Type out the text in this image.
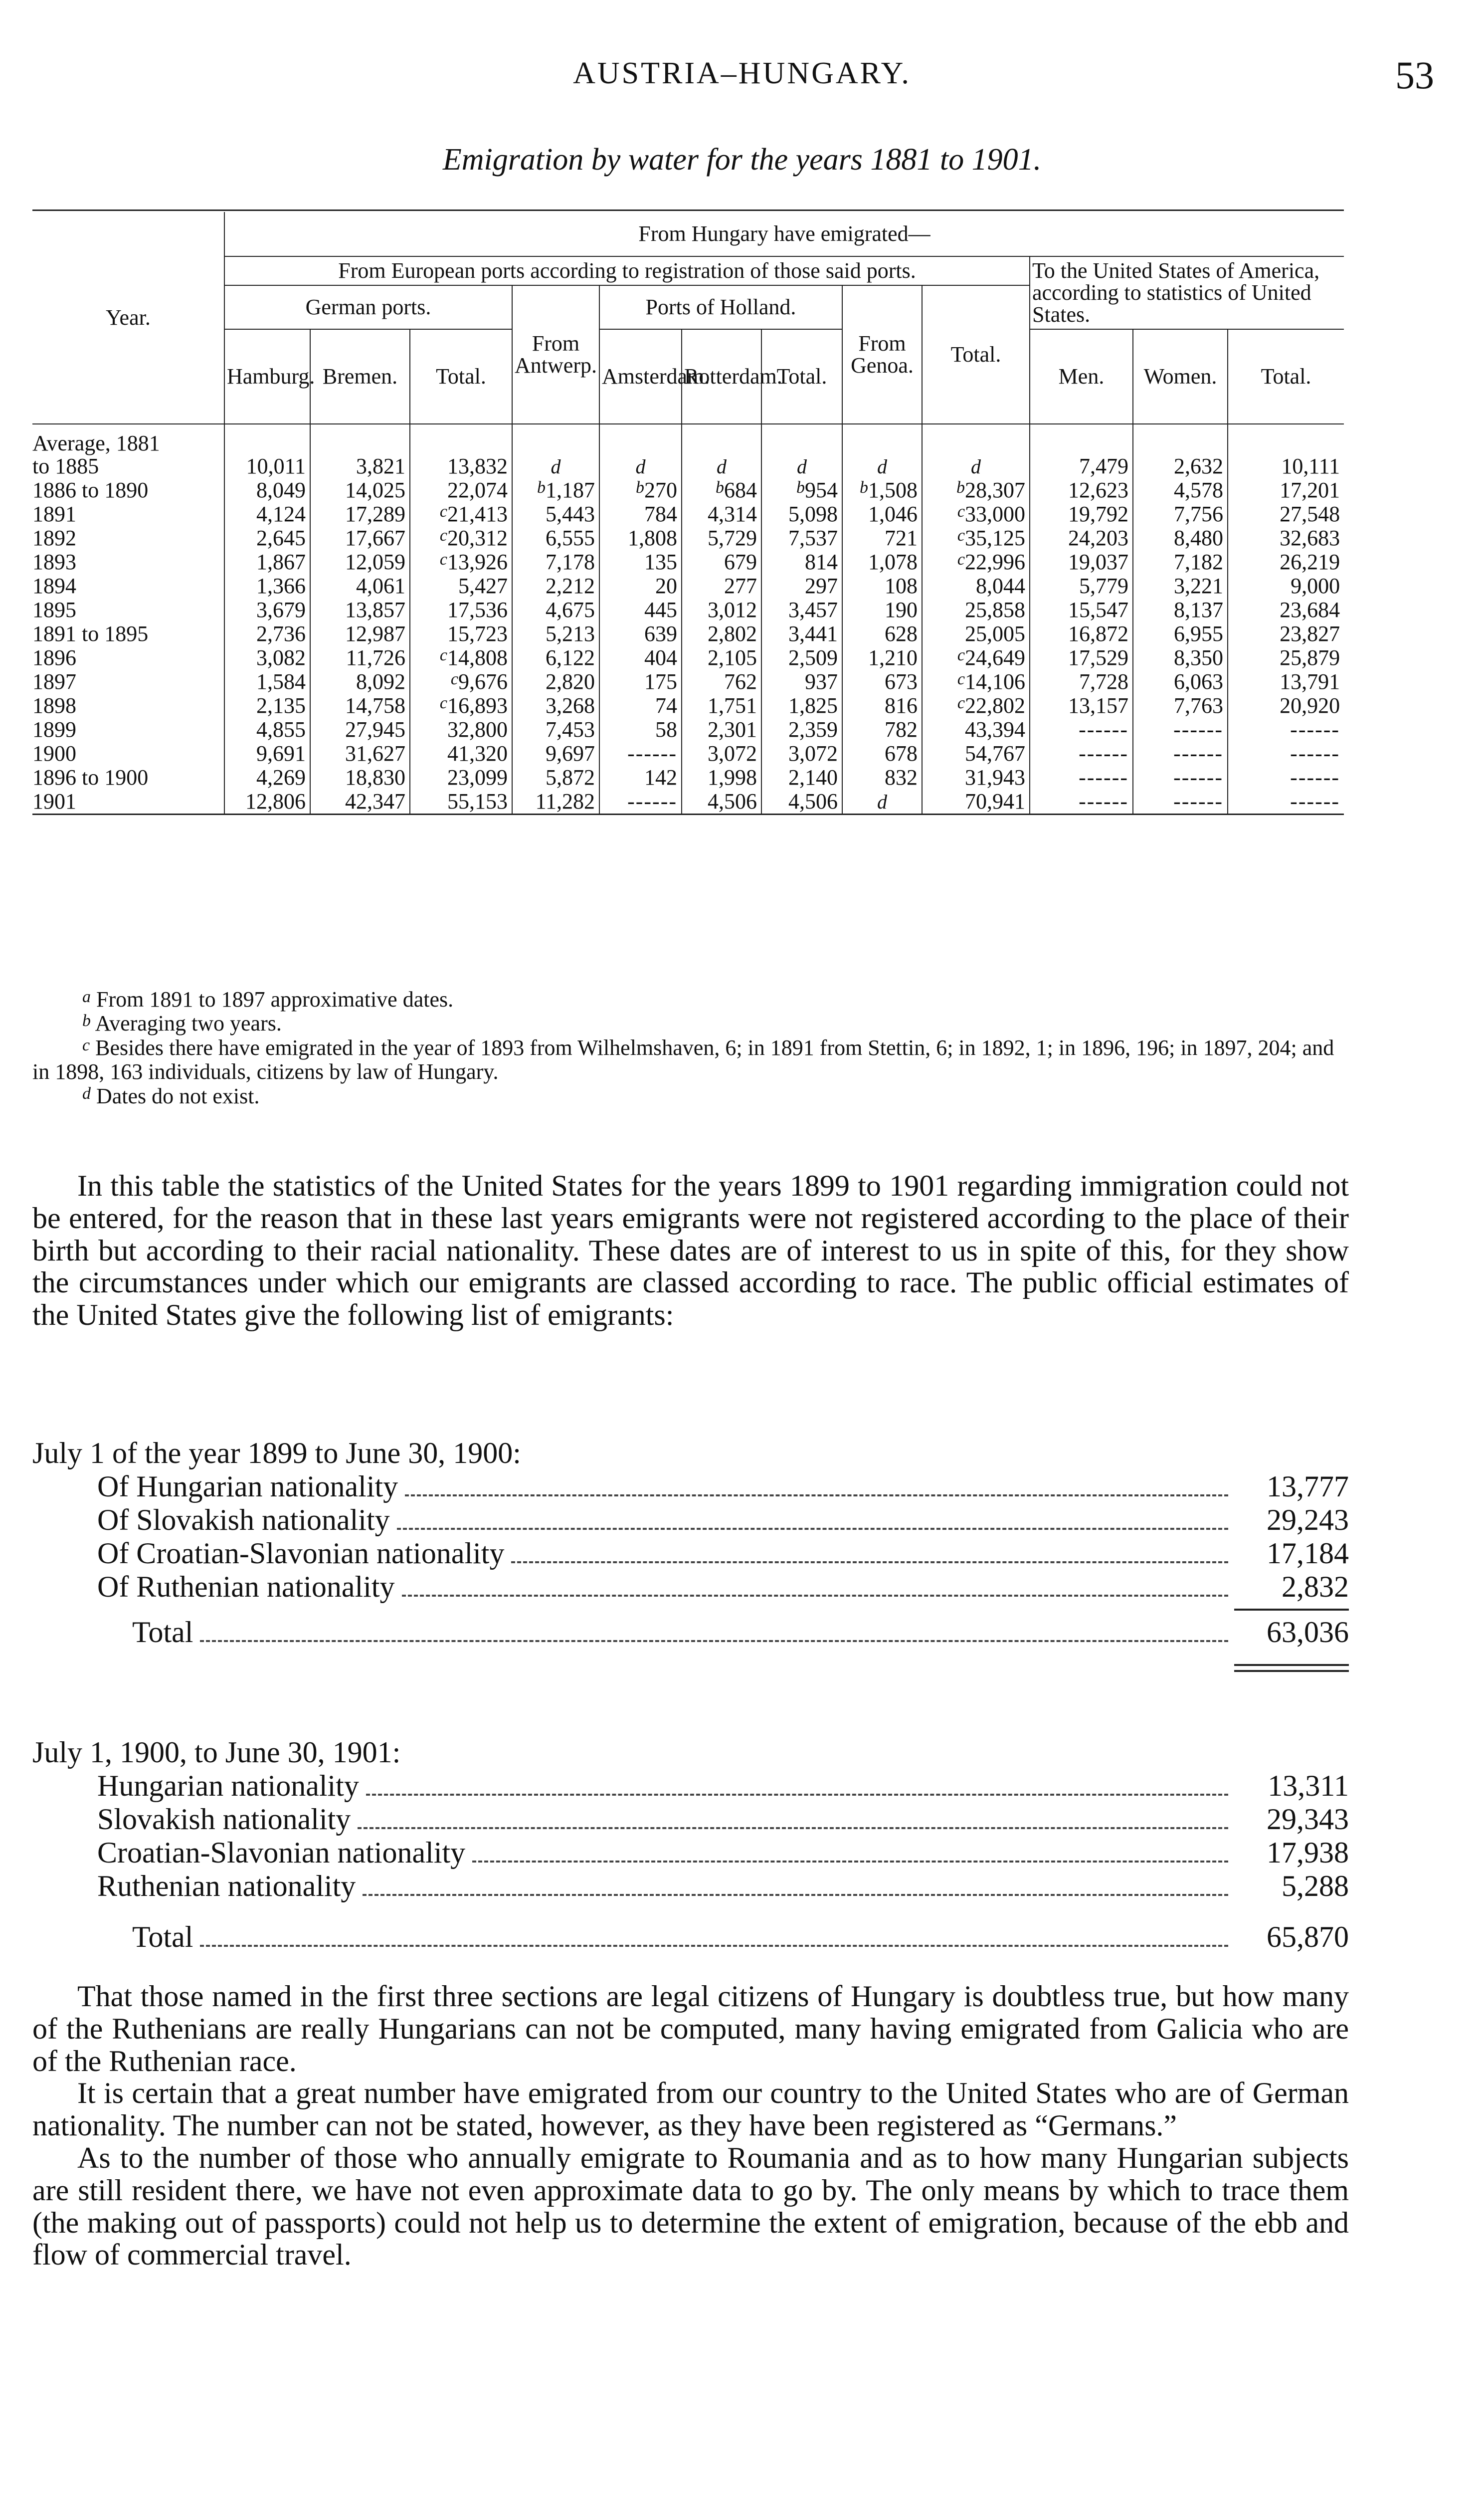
AUSTRIA–HUNGARY.	53
Emigration by water for the years 1881 to 1901.
Year.	From Hungary have emigrated—											
	From European ports according to registration of those said ports.									To the United States of America, according to statistics of United States.		
	German ports.			From Antwerp.	Ports of Holland.			From Genoa.	Total.			
	Hamburg.	Bremen.	Total.		Amsterdam.	Rotterdam.	Total.			Men.	Women.	Total.
Average, 1881												
to 1885	10,011	3,821	13,832	d	d	d	d	d	d	7,479	2,632	10,111
1886 to 1890	8,049	14,025	22,074	$^b$1,187	$^b$270	$^b$684	$^b$954	$^b$1,508	$^b$28,307	12,623	4,578	17,201
1891	4,124	17,289	$^c$21,413	5,443	784	4,314	5,098	1,046	$^c$33,000	19,792	7,756	27,548
1892	2,645	17,667	$^c$20,312	6,555	1,808	5,729	7,537	721	$^c$35,125	24,203	8,480	32,683
1893	1,867	12,059	$^c$13,926	7,178	135	679	814	1,078	$^c$22,996	19,037	7,182	26,219
1894	1,366	4,061	5,427	2,212	20	277	297	108	8,044	5,779	3,221	9,000
1895	3,679	13,857	17,536	4,675	445	3,012	3,457	190	25,858	15,547	8,137	23,684
1891 to 1895	2,736	12,987	15,723	5,213	639	2,802	3,441	628	25,005	16,872	6,955	23,827
1896	3,082	11,726	$^c$14,808	6,122	404	2,105	2,509	1,210	$^c$24,649	17,529	8,350	25,879
1897	1,584	8,092	$^c$9,676	2,820	175	762	937	673	$^c$14,106	7,728	6,063	13,791
1898	2,135	14,758	$^c$16,893	3,268	74	1,751	1,825	816	$^c$22,802	13,157	7,763	20,920
1899	4,855	27,945	32,800	7,453	58	2,301	2,359	782	43,394	------	------	------
1900	9,691	31,627	41,320	9,697	------	3,072	3,072	678	54,767	------	------	------
1896 to 1900	4,269	18,830	23,099	5,872	142	1,998	2,140	832	31,943	------	------	------
1901	12,806	42,347	55,153	11,282	------	4,506	4,506	d	70,941	------	------	------

$^a$ From 1891 to 1897 approximative dates.

$^b$ Averaging two years.

$^c$ Besides there have emigrated in the year of 1893 from Wilhelmshaven, 6; in 1891 from Stettin, 6; in 1892, 1; in 1896, 196; in 1897, 204; and in 1898, 163 individuals, citizens by law of Hungary.

$^d$ Dates do not exist.

In this table the statistics of the United States for the years 1899 to 1901 regarding immigration could not be entered, for the reason that in these last years emigrants were not registered according to the place of their birth but according to their racial nationality. These dates are of interest to us in spite of this, for they show the circumstances under which our emigrants are classed according to race. The public official estimates of the United States give the following list of emigrants:

July 1 of the year 1899 to June 30, 1900:

Of Hungarian nationality	13,777
Of Slovakish nationality	29,243
Of Croatian-Slavonian nationality	17,184
Of Ruthenian nationality	2,832
Total	63,036

July 1, 1900, to June 30, 1901:

Hungarian nationality	13,311
Slovakish nationality	29,343
Croatian-Slavonian nationality	17,938
Ruthenian nationality	5,288
Total	65,870

That those named in the first three sections are legal citizens of Hungary is doubtless true, but how many of the Ruthenians are really Hungarians can not be computed, many having emigrated from Galicia who are of the Ruthenian race.

It is certain that a great number have emigrated from our country to the United States who are of German nationality. The number can not be stated, however, as they have been registered as “Germans.”

As to the number of those who annually emigrate to Roumania and as to how many Hungarian subjects are still resident there, we have not even approximate data to go by. The only means by which to trace them (the making out of passports) could not help us to determine the extent of emigration, because of the ebb and flow of commercial travel.
